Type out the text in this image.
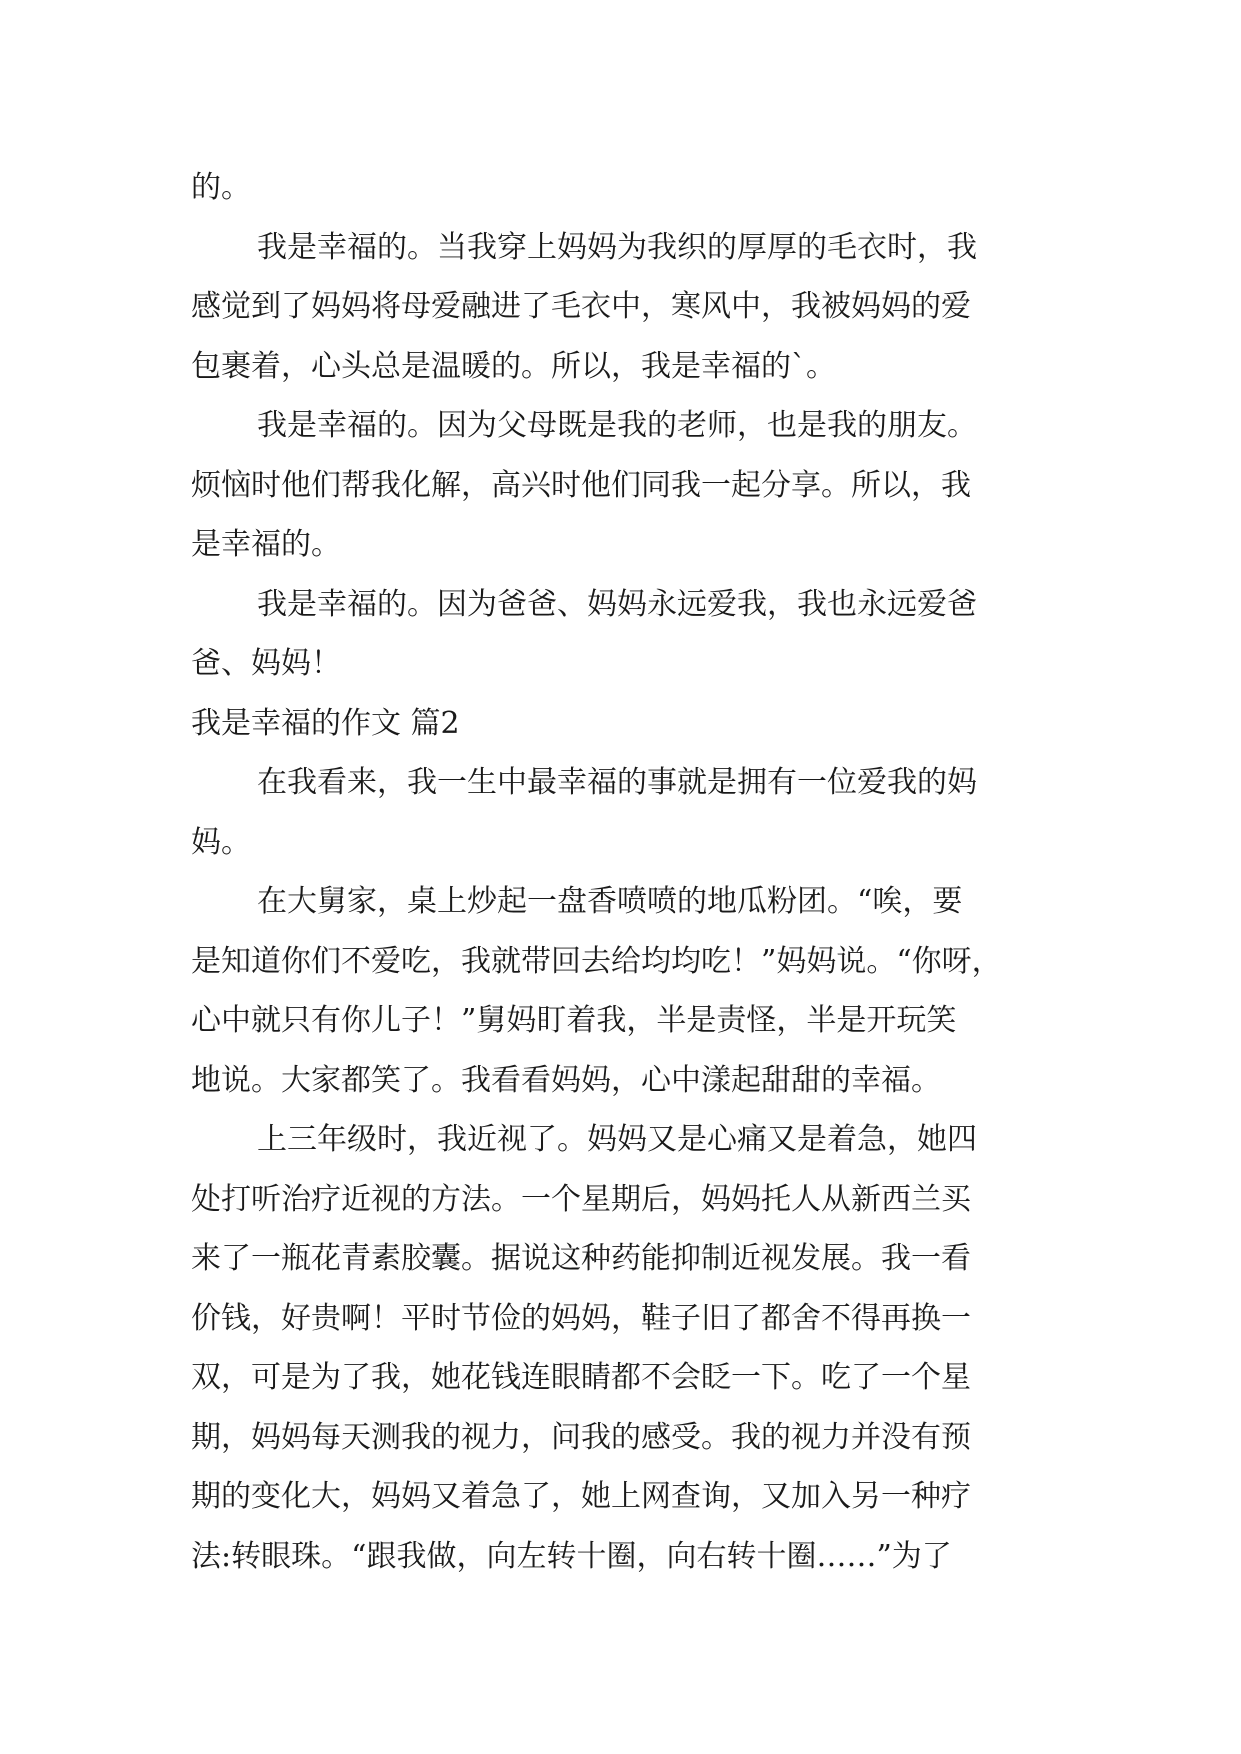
的。
我是幸福的。当我穿上妈妈为我织的厚厚的毛衣时，我
感觉到了妈妈将母爱融进了毛衣中，寒风中，我被妈妈的爱
包裹着，心头总是温暖的。所以，我是幸福的`。
我是幸福的。因为父母既是我的老师，也是我的朋友。
烦恼时他们帮我化解，高兴时他们同我一起分享。所以，我
是幸福的。
我是幸福的。因为爸爸、妈妈永远爱我，我也永远爱爸
爸、妈妈！
我是幸福的作文 篇2
在我看来，我一生中最幸福的事就是拥有一位爱我的妈
妈。
在大舅家，桌上炒起一盘香喷喷的地瓜粉团。“唉，要
是知道你们不爱吃，我就带回去给均均吃！”妈妈说。“你呀，
心中就只有你儿子！”舅妈盯着我，半是责怪，半是开玩笑
地说。大家都笑了。我看看妈妈，心中漾起甜甜的幸福。
上三年级时，我近视了。妈妈又是心痛又是着急，她四
处打听治疗近视的方法。一个星期后，妈妈托人从新西兰买
来了一瓶花青素胶囊。据说这种药能抑制近视发展。我一看
价钱，好贵啊！平时节俭的妈妈，鞋子旧了都舍不得再换一
双，可是为了我，她花钱连眼睛都不会眨一下。吃了一个星
期，妈妈每天测我的视力，问我的感受。我的视力并没有预
期的变化大，妈妈又着急了，她上网查询，又加入另一种疗
法:转眼珠。“跟我做，向左转十圈，向右转十圈……”为了
